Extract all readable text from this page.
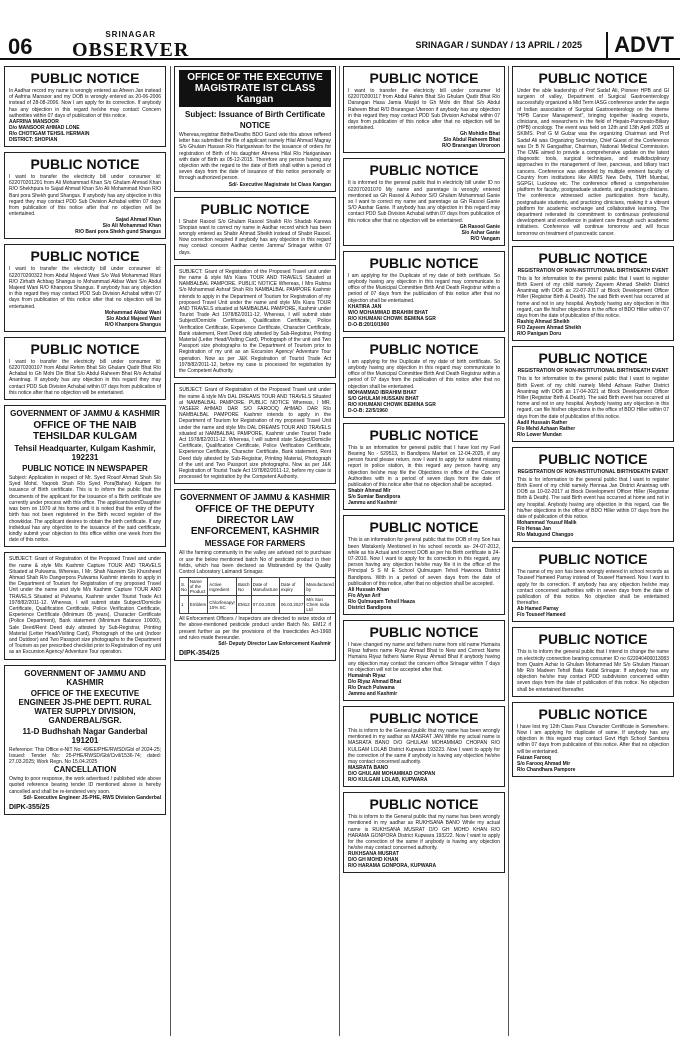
06	SRINAGAR
OBSERVER	SRINAGAR / SUNDAY / 13 APRIL / 2025	ADVT
PUBLIC NOTICE

In Aadhar record my name is wrongly entered as Afreen Jan instead of Aafrina Mansoor and my DOB is wrongly entered as 20-06-2006 instead of 28-08-2006. Now I am apply for its correction. If anybody has any objection in this regard he/she may contact Concern authorities within 07 days of publication of this notice.

AAFRINA MANSOOR
D/o MANSOOR AHMAD LONE
R/o CHOTIGAM TEHSIL HERMAIN
DISTRICT: SHOPIAN

PUBLIC NOTICE

I want to transfer the electricity bill under consumer id: 622070201201 from Ali Mohammad Khan S/o Ghulam Ahmad Khan R/O Shekhpura to Sajad Ahmad Khan S/o Ali Mohammad Khan R/O Bani pora Shekh gund Shangus. If anybody has any objection in this regard they may contact PDD Sub Division Achabal within 07 days from publication of this notice after that no objection will be entertained.

Sajad Ahmad Khan
S/o Ali Mohammad Khan
R/O Bani pora Shekh gund Shangus

PUBLIC NOTICE

I want to transfer the electricity bill under consumer id: 622070200322 from Abdul Majeed Wani S/o Wali Mohammad Wani R/O Zirhath Achbag Shangus to Mohammad Akbar Wani S/o Abdul Majeed Wani R/O Khanpora Shangus. If anybody has any objection in this regard they may contact PDD Sub Division Achabal within 07 days from publication of this notice after that no objection will be entertained.

Mohammad Akbar Wani
S/o Abdul Majeed Wani
R/O Khanpora Shangus

PUBLIC NOTICE

I want to transfer the electricity bill under consumer id: 622070200107 from Abdul Rehim Bhat S/o Ghulam Qadir Bhat R/o Achabal to Gh Mohi Din Bhat S/o Abdul Raheem Bhat R/o Achabal Anantnag. If anybody has any objection in this regard they may contact PDD Sub Division Achabal within 07 days from publication of this notice after that no objection will be entertained.

GOVERNMENT OF JAMMU & KASHMIR
OFFICE OF THE NAIB TEHSILDAR KULGAM
Tehsil Headquarter, Kulgam Kashmir, 192231
PUBLIC NOTICE IN NEWSPAPER

Subject: Application in respect of Mr. Syed Rouof Ahmad Shah S/o Syed Mohd. Yaqoob Shah R/o Syed Pora(Bahar) Kulgam for issuance of Birth certificate. This is to inform the public that the documents of the applicant for the issuance of a Birth certificate are currently under process with this office. The applicants/son/Daughter was born on 1970 at his home and it is noted that the entry of the birth has not been registered in the Birth record register of the chowkidar. The applicant desires to obtain the birth certificate. If any individual has any objection to the issuance of the said certificate, kindly submit your objection to this office within one week from the date of this notice.

SUBJECT: Grant of Registration of the Proposed Travel and under the name & style M/s Kashmir Capture TOUR AND TRAVELS Situated at Pulwama. Whereas, I Mr. Shah Nazeem S/o Khursheed Ahmad Shah R/o Dangerpora Pulwama Kashmir intends to apply in the Department of Tourism for Registration of my proposed Travel Unit under the name and style M/s Kashmir Capture TOUR AND TRAVELS Situated at Pulwama, Kashmir under Tourist Trade Act 1978/82/2011-12. Whereas, I will submit state Subject/Domicile Certificate, Qualification Certificate, Police Verification Certificate, Experience Certificate (Minimum 05 years), Character Certificate (Police Department), Bank statement (Minimum Balance 10000), Sale Deed/Rent Deed duly attested by Sub-Registrar, Printing Material (Letter Head/Visiting Card), Photograph of the unit (Indoor and Outdoor) and Two Passport size photographs to the Department of Tourism as per prescribed checklist prior to Registration of my unit as an Excursion Agency/ Adventure Tour operation.

GOVERNMENT OF JAMMU AND KASHMIR
OFFICE OF THE EXECUTIVE ENGINEER JS-PHE DEPTT. RURAL WATER SUPPLY DIVISION, GANDERBAL/SGR.
11-D Budhshah Nagar Ganderbal 191201

Reference: This Office e-NIT No: 49/EE/PHE/RWSD/Gbl of 2024-25; Issued: Tender No: 25-PHE/RWSD/Gbl/Civil/1536-74; dated: 27.03.2025; Work Regn. No 15.04.2025

CANCELLATION

Owing to poor response, the work advertised / published vide above quoted reference bearing tender ID mentioned above is hereby cancelled and shall be re-tendered very soon.

Sd/- Executive Engineer JS-PHE, RWS Division Ganderbal

DIPK-355/25
OFFICE OF THE EXECUTIVE MAGISTRATE IST CLASS Kangan
Subject: Issuance of Birth Certificate
NOTICE

Whereas,registrar Birthe/Deaths BDO Gund vide this above reffered letter has submitted the file of applicant namely Hilal Ahmad Magray S/o Ghulam Hassan R/o Hariganiwan for the issuance of orders for registration of Birth of his daughter Afreena Hilal R/o Hariganiwan with date of Birth as 05-12-2015. Therefore any person having any objection with the regard to the date of Birth shall within a period of seven days from the date of issuance of this notice personally or through authorized person.

Sd/- Executive Magistrate Ist Class Kangan

PUBLIC NOTICE

I Shabir Rasool S/o Ghulam Rasool Shaikh R/o Shadab Karewa Shopian want to correct my name in Aadhar record which has been wrongly entered as Shabir Ahmad Sheikh instead of Shabir Rasool. Now correction required if anybody has any objection in this regard may contact concern Aadhar centre Jammu/ Srinagar within 07 days.

SUBJECT: Grant of Registration of the Proposed Travel unit under the name & style M/s Kiara TOUR AND TRAVELS Situated at NAMBALBAL PAMPORE. PUBLIC NOTICE Whereas, I Mrs Rubina S/o Mohammad Ashraf Shah R/o NAMBALBAL PAMPORE Kashmir intends to apply in the Department of Tourism for Registration of my proposed Travel Unit under the name and style M/s Kiara TOUR AND TRAVELS situated at NAMBALBAL PAMPORE, Kashmir under Tourist Trade Act 1978/82/2011-12. Whereas, I will submit state Subject/Domicile Certificate, Qualification Certificate, Police Verification Certificate, Experience Certificate, Character Certificate, Bank statement, Rent Deed duly attested by Sub-Registrar, Printing Material (Letter Head/Visiting Card), Photograph of the unit and Two Passport size photographs to the Department of Tourism prior to Registration of my unit as an Excursion Agency/ Adventure Tour operation. Now as per J&K Registration of Tourist Trade Act 1978/82/2011-12, before my case is processed for registration by the Competent Authority.

SUBJECT: Grant of Registration of the Proposed Travel unit under the name & style M/s DAL DREAMS TOUR AND TRAVELS Situated at NAMBALBAL PAMPORE. PUBLIC NOTICE Whereas, I MR. YASEER AHMAD DAR S/O FAROOQ AHMAD DAR R/o NAMBALBAL PAMPORE Kashmir intends to apply in the Department of Tourism for Registration of my proposed Travel Unit under the name and style M/s DAL DREAMS TOUR AND TRAVELS situated at NAMBALBAL PAMPORE, Kashmir under Tourist Trade Act 1978/82/2011-12. Whereas, I will submit state Subject/Domicile Certificate, Qualification Certificate, Police Verification Certificate, Experience Certificate, Character Certificate, Bank statement, Rent Deed duly attested by Sub-Registrar, Printing Material, Photograph of the unit and Two Passport size photographs. Now as per J&K Registration of Tourist Trade Act 1978/82/2011-12, before my case is processed for registration by the Competent Authority.

GOVERNMENT OF JAMMU & KASHMIR
OFFICE OF THE DEPUTY DIRECTOR LAW ENFORCEMENT, KASHMIR
MESSAGE FOR FARMERS

All the farming community in the valley are advised not to purchase or use the below mentioned batch No of pesticide product in their fields, which has been declared as Misbranded by the Quality Control Laboratory Lalmandi Srinagar.

S. No	Name of the Product	Active Ingredient	Batch No	Date of Manufacture	Date of expiry	Manufactured by
1	Emblem	Chlorfenapyr 10% SC	EM12	07.03.2025	06.03.2027	M/s Sun Chem India Ltd

All Enforcement Officers / Inspectors are directed to seize stocks of the above-mentioned pesticide product under Batch No. EM12 if present further as per the provisions of the Insecticides Act-1968 and rules made thereunder.

Sd/- Deputy Director Law Enforcement Kashmir

DIPK-354/25
PUBLIC NOTICE

I want to transfer the electricity bill under consumer Id 622070200117 from Abdul Rahim Bhat S/o Ghulam Qadir Bhat R/o Darangan Hasa Jamia Masjid to Gh Mohi din Bhat S/o Abdul Raheem Bhat R/O Brarangan Uteroon if anybody has any objection in this regard they may contact PDD Sub Division Achabal within 07 days from publication of this notice after that no objection will be entertained.

Gh Mohidin Bhat
S/o Abdul Raheem Bhat
R/O Brarangan Utroroon

PUBLIC NOTICE

It is informed to the general public that in electricity bill under ID no 622070201070 My name and parentage is wrongly entered mentioned as Gh Rasool & Ashoor S/O Ghulam Mohammad Ganie so I want to correct my name and parentage as Gh Rasool Ganie S/O Aashar Ganie. If anybody has any objection in this regard may contact PDD Sub Division Achabal within 07 days from publication of this notice after that no objection will be entertained.

Gh Rasool Ganie
S/o Ashar Ganie
R/O Vangam

PUBLIC NOTICE

I am applying for the Duplicate of my date of birth certificate. So anybody having any objection in this regard may communicate to office of the Municipal Committee Birth And Death Registrar within a period of 07 days from the publication of this notice after that no objection shall be entertained.

KHATIRA JAN
W/O MOHAMMAD IBRAHIM BHAT
R/O KHUMANI CHOWK BEMINA SGR
D-O-B:20/10/1960

PUBLIC NOTICE

I am applying for the Duplicate of my date of birth certificate. So anybody having any objection in this regard may communicate to office of the Municipal Committee Birth And Death Registrar within a period of 07 days from the publication of this notice after that no objection shall be entertained.

MOHAMMAD IBRAHIM BHAT
S/O GHULAM HUSSAIN BHAT
R/O KHUMANI CHOWK BEMINA SGR
D-O-B: 22/5/1960

PUBLIC NOTICE

This is an information for general public that I have lost my Fuel Bearing No - 529513, in Bandipora Market on 12-04-2025, if any person found please return, now I want to apply for submit missing report in police station, in this regard any person having any objection he/she may file the Objections in office of the Concern Authorities with in a period of seven days from the date of publication of this notice after that no objection shall be accepted.

Shabir Ahmad Mir
S/o Sumiar Bandipora
Jammu and Kashmir

PUBLIC NOTICE

This is an information for general public that the DOB of my Son has been Mistakenly Mentioned in his school records as- 24-07-2012, while as his Actual and correct DOB as per his Birth certificate is 24-07-2010. Now I want to apply for its correction in this regard, any person having any objection he/she may file it in the office of the Principal S S M E School Qulmuqam Tehsil Hawoora District Bandipora. With in a period of seven days from the date of publication of this notice, after that no objection shall be accepted.

Ali Hussain Khan
F/o Afyan Arif
R/o Qulmuqam Tehsil Haaza
District Bandipora

PUBLIC NOTICE

I have changed my name and fathers name from old name Humaira Riyaz fathers name Riyaz Ahmad Bhat to New and Correct Name Humaira Riyaz fathers Name Riyaz Ahmad Bhat if anybody having any objection may contact the concern office Srinagar within 7 days no objection will not be accepted after that.

Humairah Riyaz
D/o Riyaz Ahmad Bhat
R/o Drach Pulwama
Jammu and Kashmir

PUBLIC NOTICE

This is inform to the General public that my name has been wrongly mentioned in my aadhar as MASRAT JAN While my actual name is MASRATA BANO D/O GHULAM MOHAMMAD CHOPAN R/O KULGAM LOLAB District Kupwara 193223. Now I want to apply for the correction of the same if anybody is having any objection he/she may contact concerned authority.

MASRATA BANO
D/O GHULAM MOHAMMAD CHOPAN
R/O KULGAM LOLAB, KUPWARA

PUBLIC NOTICE

This is inform to the General public that my name has been wrongly mentioned in my aadhar as RUKHSANA BANO While my actual name is RUKHSANA MUSRAT D/O GH MOHD KHAN R/O HARAMA GONPORA District Kupwara 193222. Now I want to apply for the correction of the same if anybody is having any objection he/she may contact concerned authority.

RUKHSANA MUSRAT
D/O GH MOHD KHAN
R/O HARAMA GONPORA, KUPWARA

PUBLIC NOTICE

Under the able leadership of Prof Sadaf Ali, Pioneer HPB and GI surgeon of valley, Department of Surgical Gastroenterology successfully organized a Mid Term IASG conference under the aegis of Indian association of Surgical Gastroenterology on the theme "HPB Cancer Management", bringing together leading experts, clinicians, and researchers in the field of Hepato-Pancreato-Biliary (HPB) oncology. The event was held on 12th and 13th April 2025 at SKIMS. Prof G M Gulzar was the organizing Chairman and Prof Sadaf Ali was Organizing Secretary, Chief Guest of the Conference was Dr B N Gangadhar, Chairman, National Medical Commission. The CME aimed to provide a comprehensive update on the latest diagnostic tools, surgical techniques, and multidisciplinary approaches in the management of liver, pancreas, and biliary tract cancers. Conference was attended by multiple eminent faculty of Country from institutions like AIIMS New Delhi, TMH Mumbai, SGPGI, Lucknow etc. The conference offered a comprehensive platform for faculty, postgraduate students, and practicing clinicians. The conference witnessed active participation from faculty, postgraduate students, and practicing clinicians, making it a vibrant platform for academic exchange and collaborative learning. The department reiterated its commitment to continuous professional development and excellence in patient care through such academic initiatives. Conference will continue tomorrow and will focus tomorrow on treatment of pancreatic cancer.

PUBLIC NOTICE
REGISTRATION OF NON-INSTITUTIONAL BIRTH/DEATH EVENT

This is for information to the general public that I want to register Birth Event of my child namely Zayeem Ahmad Sheikh District Anantnag with DOB as 22-07-2017 at Block Development Officer Hiller (Registrar Birth & Death). The said Birth event has occurred at home and not in any hospital. Anybody having any objection in this regard, can file his/her objections in the office of BDO Hiller within 07 days from the date of publication of this notice.

Rashiq Ahmad Sheikh
F/O Zayeem Ahmad Sheikh
R/O Panigam Doru

PUBLIC NOTICE
REGISTRATION OF NON-INSTITUTIONAL BIRTH/DEATH EVENT

This is for information to the general public that I want to register Birth Event of my child namely Mehd Azhaan Rather District Anantnag with DOB as 17-04-2021 at Block Development Officer Hiller (Registrar Birth & Death). The said Birth event has occurred at home and not in any hospital. Anybody having any objection in this regard, can file his/her objections in the office of BDO Hiller within 07 days from the date of publication of this notice.

Aadil Hussain Rather
F/o Mehd Azhaan Rather
R/o Lower Mundan

PUBLIC NOTICE
REGISTRATION OF NON-INSTITUTIONAL BIRTH/DEATH EVENT

This is for information to the general public that I want to register Birth Event of my child namely Hennaa Jan District Anantnag with DOB as 10-02-2017 at Block Development Officer Hiller (Registrar Birth & Death). The said Birth event has occurred at home and not in any hospital. Anybody having any objection in this regard, can file his/her objections in the office of BDO Hiller within 07 days from the date of publication of this notice.

Mohammad Yousuf Malik
F/o Henaa Jan
R/o Matugund Changpo

PUBLIC NOTICE

The name of my son has been wrongly entered in school records as Touseef Hameed Parray instead of Touseef Hameed. Now I want to apply for its correction. If anybody has any objection he/she may contact concerned authorities with in seven days from the date of publication of this notice. No objection shall be entertained thereafter.

Ab Hamed Parray
F/o Touseef Hameed

PUBLIC NOTICE

This is to inform the general public that I intend to change the name on electricity connection bearing consumer ID no 622040400013083 from Qasim Azhar to Ghulam Mohammad Mir S/o Ghulam Hassan Mir R/o Madeen Tehsil Bata Kadal Srinagar. If anybody has any objection he/she may contact PDD subdivision concerned within seven days from the date of publication of this notice. No objection shall be entertained thereafter.

PUBLIC NOTICE

I have lost my 12th Class Pass Character Certificate in Somewhere. Now I am applying for duplicate of same. If anybody has any objection in this regard may contact Govt High School Sambora within 07 days from publication of this notice. After that no objection will be entertained.

Faizan Farooq
S/o Farooq Ahmad Mir
R/o Chandhara Pampore
